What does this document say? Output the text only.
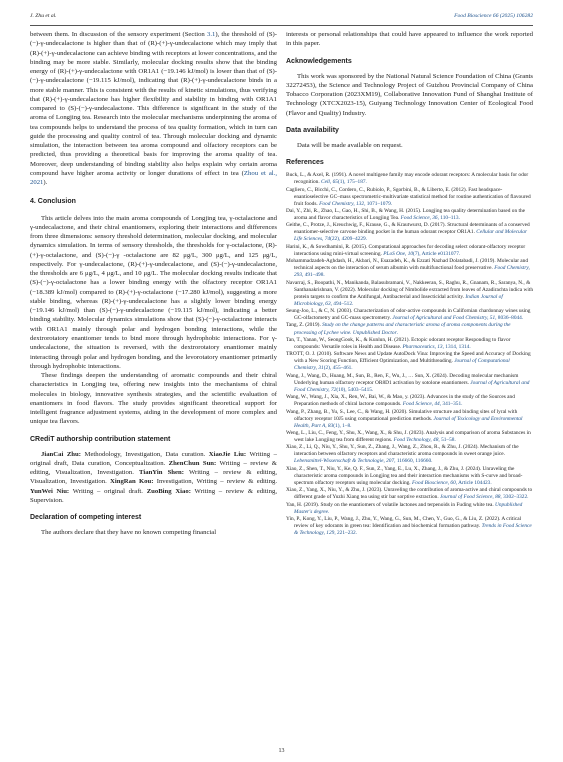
J. Zhu et al.	Food Bioscience 66 (2025) 106282

between them. In discussion of the sensory experiment (Section 3.1), the threshold of (S)-(−)-γ-undecalactone is higher than that of (R)-(+)-γ-undecalactone which may imply that (R)-(+)-γ-undecalactone can achieve binding with receptors at lower concentrations, and the binding may be more stable. Similarly, molecular docking results show that the binding energy of (R)-(+)-γ-undecalactone with OR1A1 (−19.146 kJ/mol) is lower than that of (S)-(−)-γ-undecalactone (−19.115 kJ/mol), indicating that (R)-(+)-γ-undecalactone binds in a more stable manner. This is consistent with the results of kinetic simulations, thus verifying that (R)-(+)-γ-undecalactone has higher flexibility and stability in binding with OR1A1 compared to (S)-(−)-γ-undecalactone. This difference is significant in the study of the aroma of Longjing tea. Research into the molecular mechanisms underpinning the aroma of tea compounds helps to understand the process of tea quality formation, which in turn can guide the processing and quality control of tea. Through molecular docking and dynamic simulation, the interaction between tea aroma compound and olfactory receptors can be predicted, thus providing a theoretical basis for improving the aroma quality of tea. Moreover, deep understanding of binding stability also helps explain why certain aroma compound have higher aroma activity or longer durations of effect in tea (Zhou et al., 2021).

4. Conclusion

This article delves into the main aroma compounds of Longjing tea, γ-octalactone and γ-undecalactone, and their chiral enantiomers, exploring their interactions and differences from three dimensions: sensory threshold determination, molecular docking, and molecular dynamics simulation. In terms of sensory thresholds, the thresholds for γ-octalactone, (R)-(+)-γ-octalactone, and (S)-(−)-γ -octalactone are 82 μg/L, 300 μg/L, and 125 μg/L, respectively. For γ-undecalactone, (R)-(+)-γ-undecalactone, and (S)-(−)-γ-undecalactone, the thresholds are 6 μg/L, 4 μg/L, and 10 μg/L. The molecular docking results indicate that (S)-(−)-γ-octalactone has a lower binding energy with the olfactory receptor OR1A1 (−18.389 kJ/mol) compared to (R)-(+)-γ-octalactone (−17.280 kJ/mol), suggesting a more stable binding, whereas (R)-(+)-γ-undecalactone has a slightly lower binding energy (−19.146 kJ/mol) than (S)-(−)-γ-undecalactone (−19.115 kJ/mol), indicating a better binding stability. Molecular dynamics simulations show that (S)-(−)-γ-octalactone interacts with OR1A1 mainly through polar and hydrogen bonding interactions, while the dextrorotatory enantiomer tends to bind more through hydrophobic interactions. For γ-undecalactone, the situation is reversed, with the dextrorotatory enantiomer mainly interacting through polar and hydrogen bonding, and the levorotatory enantiomer primarily through hydrophobic interactions.

These findings deepen the understanding of aromatic compounds and their chiral characteristics in Longjing tea, offering new insights into the mechanisms of chiral molecules in biology, innovative synthesis strategies, and the scientific evaluation of enantiomers in food flavors. The study provides significant theoretical support for intelligent fragrance adjustment systems, aiding in the development of more complex and unique tea flavors.

CRediT authorship contribution statement

JianCai Zhu: Methodology, Investigation, Data curation. XiaoJie Liu: Writing – original draft, Data curation, Conceptualization. ZhenChun Sun: Writing – review & editing, Visualization, Investigation. TianYin Shen: Writing – review & editing, Visualization, Investigation. XingRan Kou: Investigation, Writing – review & editing. YunWei Niu: Writing – original draft. ZuoBing Xiao: Writing – review & editing, Supervision.

Declaration of competing interest

The authors declare that they have no known competing financial

interests or personal relationships that could have appeared to influence the work reported in this paper.

Acknowledgements

This work was sponsored by the National Natural Science Foundation of China (Grants 32272453), the Science and Technology Project of Guizhou Provincial Company of China Tobacco Corporation (2023XM19), Collaborative Innovation Fund of Shanghai Institute of Technology (XTCX2023-15), Guiyang Technology Innovation Center of Ecological Food (Flavor and Quality) Industry.

Data availability

Data will be made available on request.

References

Buck, L., & Axel, R. (1991). A novel multigene family may encode odorant receptors: A molecular basis for odor recognition. Cell, 65(1), 175–187.

Cagliero, C., Bicchi, C., Cordero, C., Rubiolo, P., Sgorbini, B., & Liberto, E. (2012). Fast headspace-enantioselective GC–mass spectrometric-multivariate statistical method for routine authentication of flavoured fruit foods. Food Chemistry, 132, 1071–1079.

Dai, Y., Zhi, R., Zhao, L., Gao, H., Shi, B., & Wang, H. (2015). Longjing tea quality determination based on the aroma and flavor characteristics of Longjing Tea. Food Science, 36, 110–113.

Geithe, C., Protze, J., Kreuchwig, F., Krause, G., & Krautwurst, D. (2017). Structural determinants of a conserved enantiomer-selective carvone binding pocket in the human odorant receptor OR1A1. Cellular and Molecular Life Sciences, 74(22), 4209–4229.

Harini, K., & Sowdhamini, R. (2015). Computational approaches for decoding select odorant-olfactory receptor interactions using mini-virtual screening. PLoS One, 10(7), Article e0131077.

Mohammadzadeh-Aghdash, H., Akbari, N., Esazadeh, K., & Ezzati Nazhad Dolatabadi, J. (2019). Molecular and technical aspects on the interaction of serum albumin with multifunctional food preservative. Food Chemistry, 293, 491–498.

Navarraj, S., Boopathi, N., Manikanda, Balasubramani, V., Nakkeeran, S., Raghu, R., Gnanam, R., Saranya, N., & Santhanakrishnan, V. (2022). Molecular docking of Nimbolide extracted from leaves of Azadirachta indica with protein targets to confirm the Antifungal, Antibacterial and Insecticidal activity. Indian Journal of Microbiology, 63, 494–512.

Seung-Joo, L., & C, N. (2003). Characterization of odor-active compounds in Californian chardonnay wines using GC-olfactometry and GC-mass spectrometry. Journal of Agricultural and Food Chemistry, 51, 8036–8044.

Tang, Z. (2019). Study on the change patterns and characteristic aroma of aroma components during the processing of Lychee wine. Unpublished Doctor.

Tan, T., Yanan, W., SeongGook, K., & Kunlun, H. (2021). Ectopic odorant receptor Responding to flavor compounds: Versatile roles in Health and Disease. Pharmaceutics, 13, 1314, 1314.

TROTT, O. J. (2010). Software News and Update AutoDock Vina: Improving the Speed and Accuracy of Docking with a New Scoring Function, Efficient Optimization, and Multithreading. Journal of Computational Chemistry, 31(2), 455–461.

Wang, J., Wang, D., Huang, M., Sun, B., Ren, F., Wu, J., … Sun, X. (2024). Decoding molecular mechanism Underlying human olfactory receptor OR8D1 activation by sotolone enantiomers. Journal of Agricultural and Food Chemistry, 72(10), 5403–5415.

Wang, W., Wang, J., Xia, X., Ren, W., Bai, W., & Mao, y. (2023). Advances in the study of the Sources and Preparation methods of chiral lactone compounds. Food Science, 44, 341–351.

Wang, P., Zhang, B., Yu, S., Lee, C., & Wang, H. (2020). Simulative structure and binding sites of lyral with olfactory receptor 10J5 using computational prediction methods. Journal of Toxicology and Environmental Health, Part A, 83(1), 1–8.

Weng, L., Liu, C., Feng, Y., Shu, X., Wang, X., & Shu, J. (2023). Analysis and comparison of aroma Substances in west lake Longjing tea from different regions. Food Technology, 48, 51–58.

Xiao, Z., Li, Q., Niu, Y., Shu, Y., Sun, Z., Zhang, J., Wang, Z., Zhou, R., & Zhu, J. (2024). Mechanism of the interaction between olfactory receptors and characteristic aroma compounds in sweet orange juice. Lebensmittel-Wissenschaft & Technologie, 207, 116660, 116660.

Xiao, Z., Shen, T., Niu, Y., Ke, Q. F., Sun, Z., Yang, E., Lu, X., Zhang, J., & Zhu, J. (2024). Unraveling the characteristic aroma compounds in Longjing tea and their interaction mechanisms with S-curve and broad-spectrum olfactory receptors using molecular docking. Food Bioscience, 60, Article 104423.

Xiao, Z., Yang, X., Niu, Y., & Zhu, J. (2023). Unraveling the contribution of aroma-active and chiral compounds to different grade of Yuzhi Xiang tea using stir bar sorptive extraction. Journal of Food Science, 88, 3302–3322.

Yan, H. (2019). Study on the enantiomers of volatile lactones and terpenoids in Fuding white tea. Unpublished Master's degree.

Yin, P., Kong, Y., Liu, P., Wang, J., Zhu, Y., Wang, G., Sun, M., Chen, Y., Guo, G., & Liu, Z. (2022). A critical review of key odorants in green tea: Identification and biochemical formation pathway. Trends in Food Science & Technology, 129, 221–232.

13
